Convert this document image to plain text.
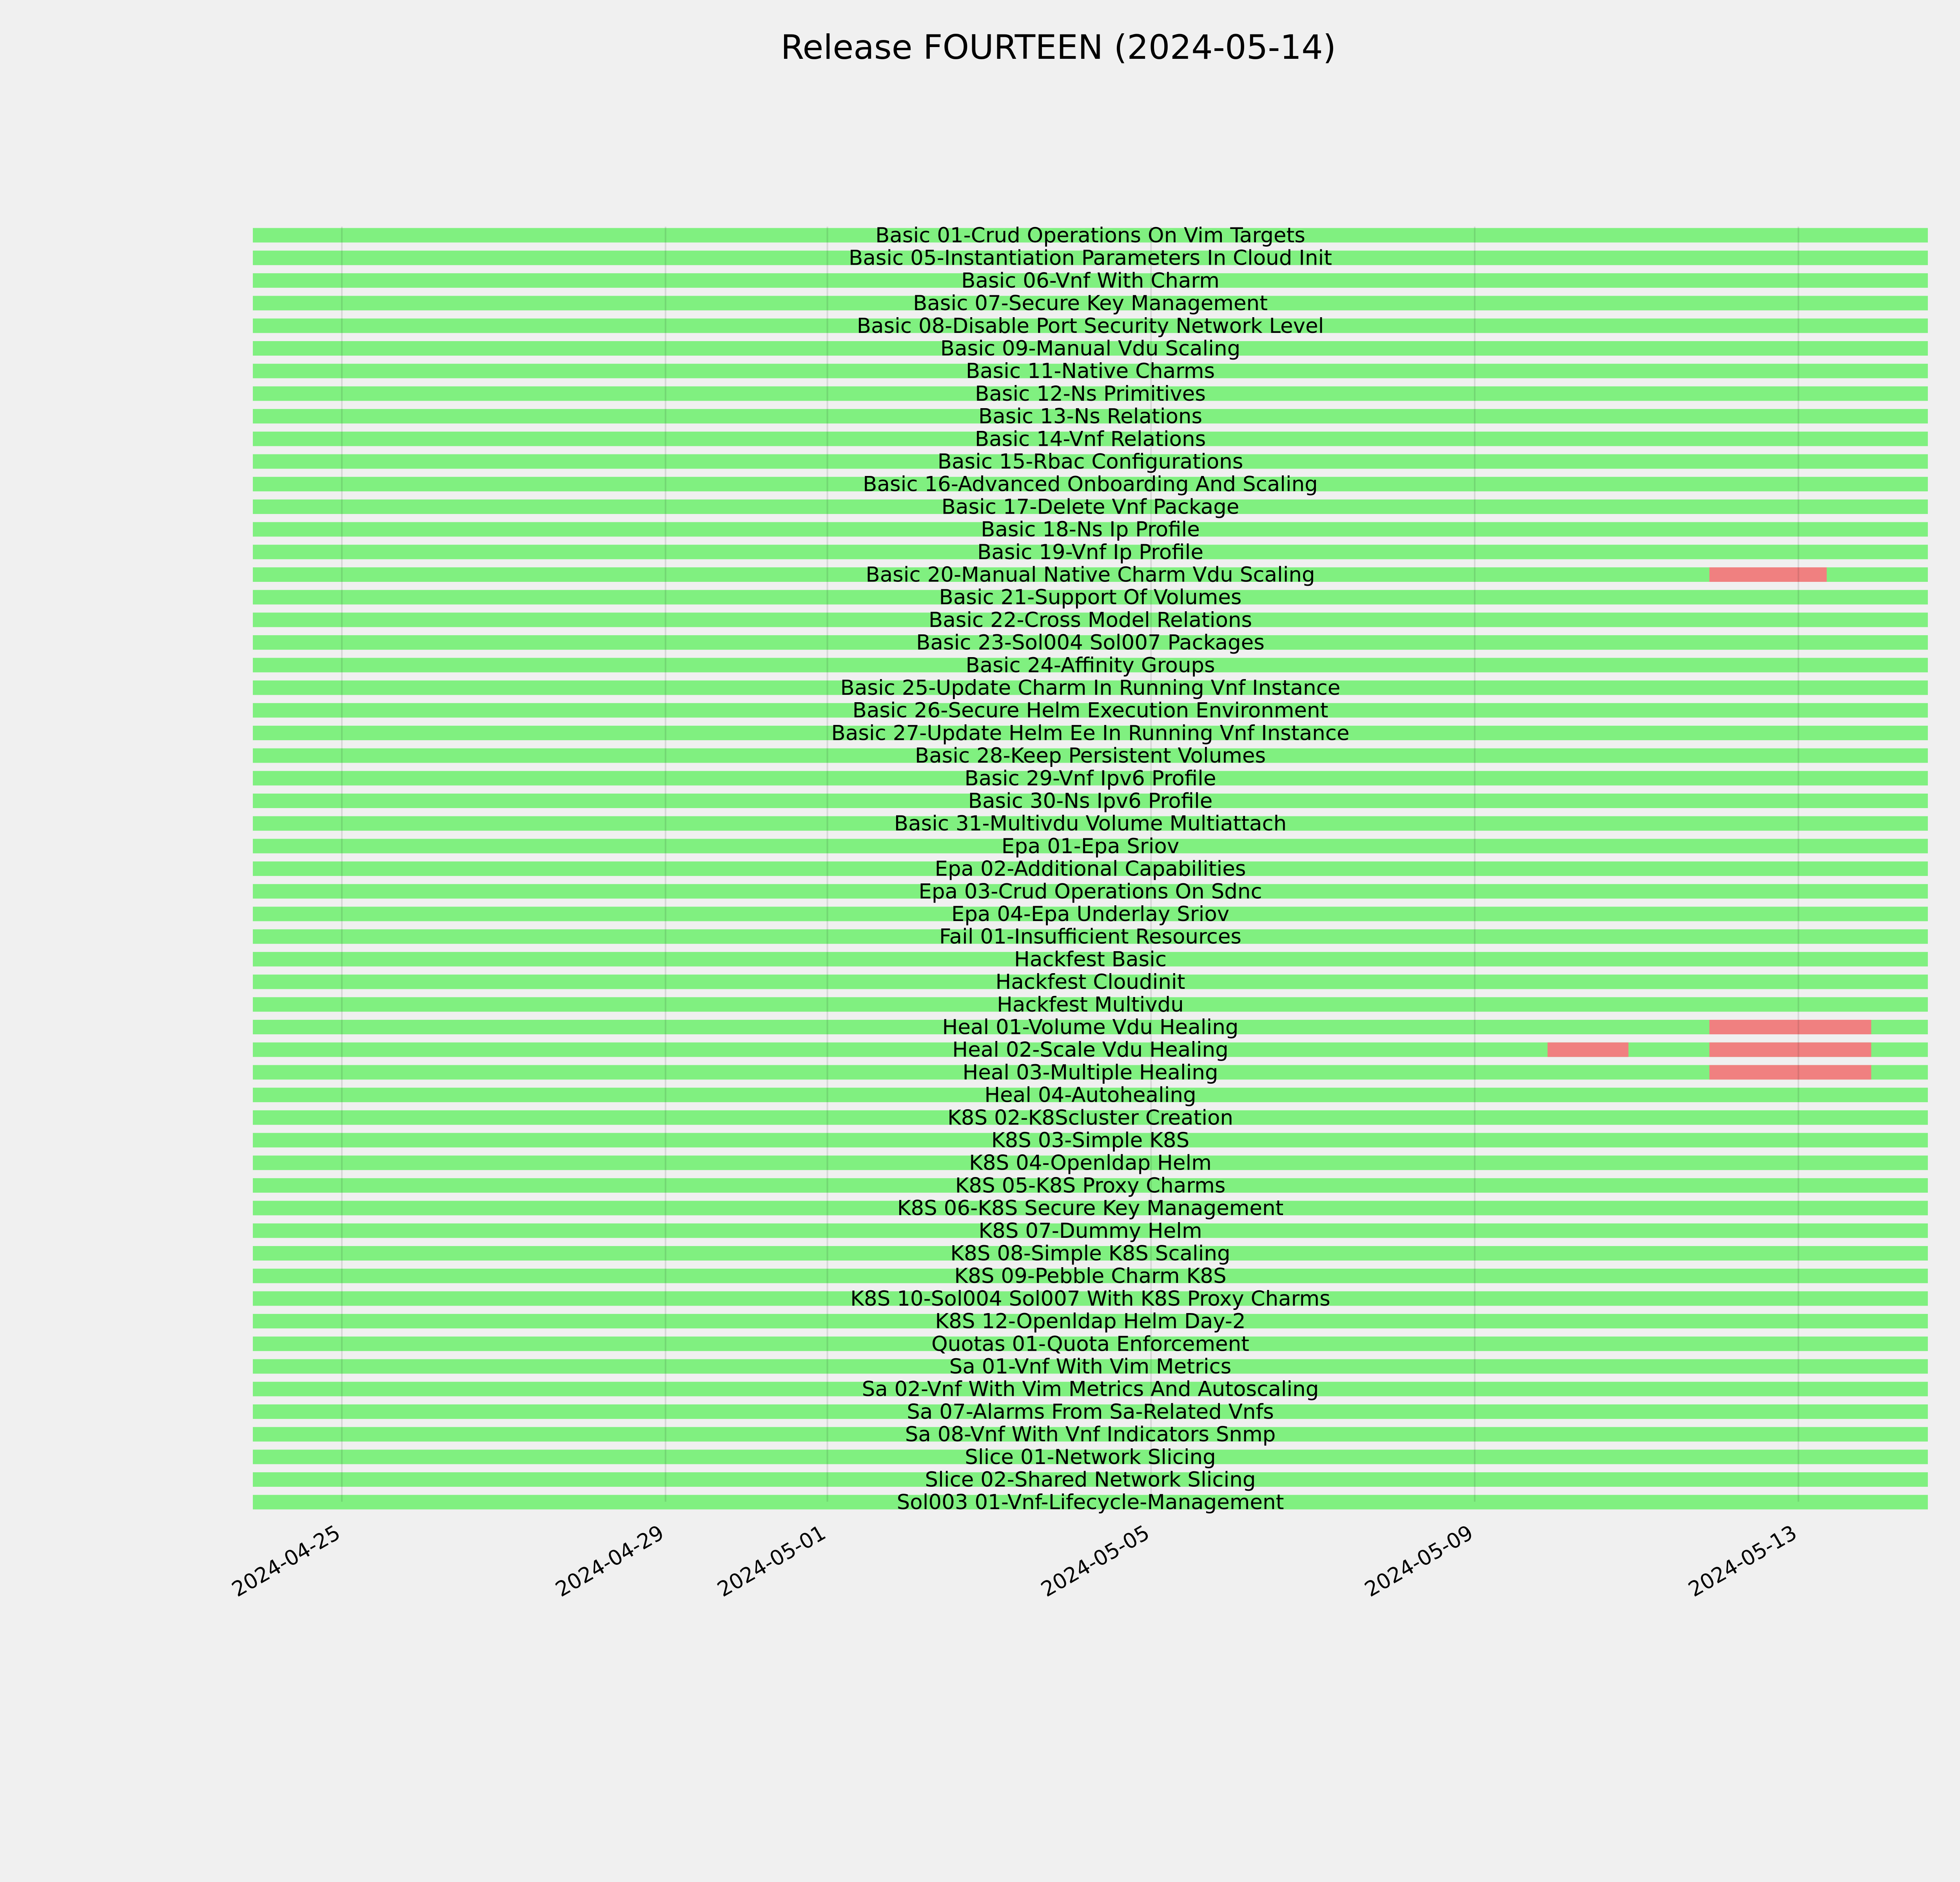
Release FOURTEEN (2024-05-14)
Basic 01-Crud Operations On Vim Targets
Basic 05-Instantiation Parameters In Cloud Init
Basic 06-Vnf With Charm
Basic 07-Secure Key Management
Basic 08-Disable Port Security Network Level
Basic 09-Manual Vdu Scaling
Basic 11-Native Charms
Basic 12-Ns Primitives
Basic 13-Ns Relations
Basic 14-Vnf Relations
Basic 15-Rbac Configurations
Basic 16-Advanced Onboarding And Scaling
Basic 17-Delete Vnf Package
Basic 18-Ns Ip Profile
Basic 19-Vnf Ip Profile
Basic 20-Manual Native Charm Vdu Scaling
Basic 21-Support Of Volumes
Basic 22-Cross Model Relations
Basic 23-Sol004 Sol007 Packages
Basic 24-Affinity Groups
Basic 25-Update Charm In Running Vnf Instance
Basic 26-Secure Helm Execution Environment
Basic 27-Update Helm Ee In Running Vnf Instance
Basic 28-Keep Persistent Volumes
Basic 29-Vnf Ipv6 Profile
Basic 30-Ns Ipv6 Profile
Basic 31-Multivdu Volume Multiattach
Epa 01-Epa Sriov
Epa 02-Additional Capabilities
Epa 03-Crud Operations On Sdnc
Epa 04-Epa Underlay Sriov
Fail 01-Insufficient Resources
Hackfest Basic
Hackfest Cloudinit
Hackfest Multivdu
Heal 01-Volume Vdu Healing
Heal 02-Scale Vdu Healing
Heal 03-Multiple Healing
Heal 04-Autohealing
K8S 02-K8Scluster Creation
K8S 03-Simple K8S
K8S 04-Openldap Helm
K8S 05-K8S Proxy Charms
K8S 06-K8S Secure Key Management
K8S 07-Dummy Helm
K8S 08-Simple K8S Scaling
K8S 09-Pebble Charm K8S
K8S 10-Sol004 Sol007 With K8S Proxy Charms
K8S 12-Openldap Helm Day-2
Quotas 01-Quota Enforcement
Sa 01-Vnf With Vim Metrics
Sa 02-Vnf With Vim Metrics And Autoscaling
Sa 07-Alarms From Sa-Related Vnfs
Sa 08-Vnf With Vnf Indicators Snmp
Slice 01-Network Slicing
Slice 02-Shared Network Slicing
Sol003 01-Vnf-Lifecycle-Management
2024-04-25	2024-04-29 2024-05-01	2024-05-05	2024-05-09	2024-05-13
